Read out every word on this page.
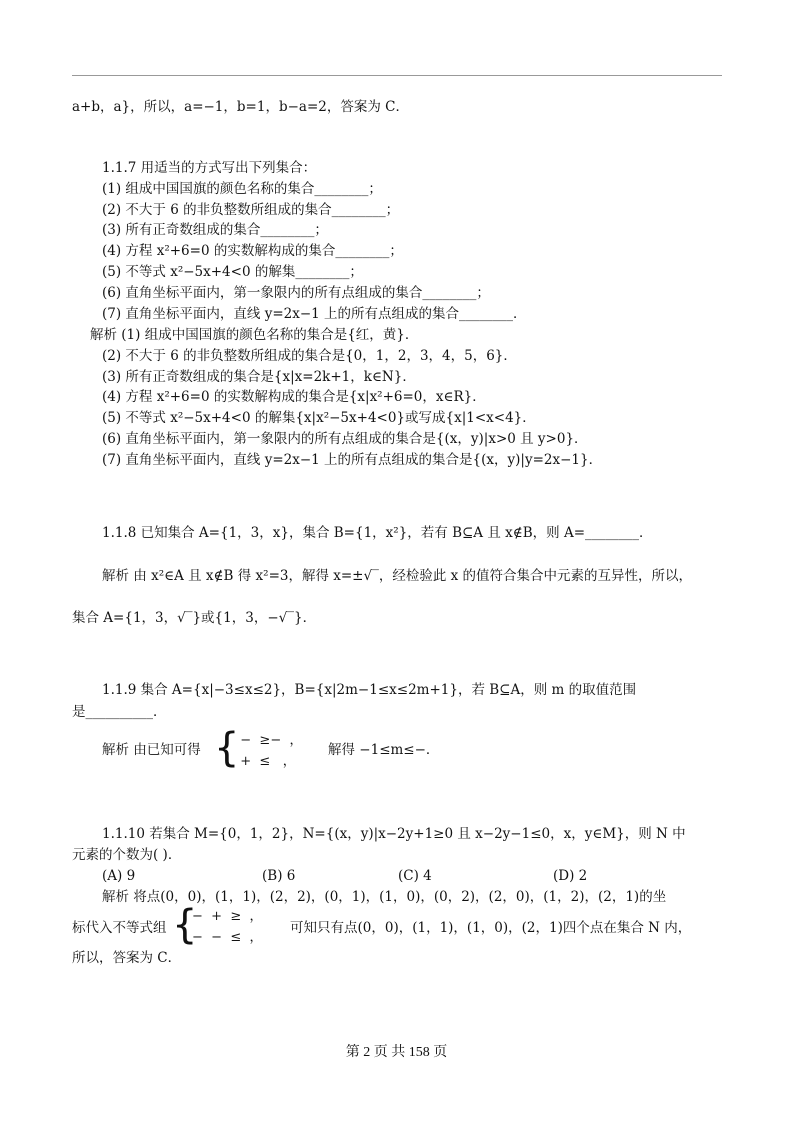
a+b，a}，所以，a=−1，b=1，b−a=2，答案为 C．
1.1.7 用适当的方式写出下列集合：
(1) 组成中国国旗的颜色名称的集合________；
(2) 不大于 6 的非负整数所组成的集合________；
(3) 所有正奇数组成的集合________；
(4) 方程 x²+6=0 的实数解构成的集合________；
(5) 不等式 x²−5x+4<0 的解集________；
(6) 直角坐标平面内，第一象限内的所有点组成的集合________；
(7) 直角坐标平面内，直线 y=2x−1 上的所有点组成的集合________．
解析 (1) 组成中国国旗的颜色名称的集合是{红，黄}．
(2) 不大于 6 的非负整数所组成的集合是{0，1，2，3，4，5，6}．
(3) 所有正奇数组成的集合是{x|x=2k+1，k∈N}．
(4) 方程 x²+6=0 的实数解构成的集合是{x|x²+6=0，x∈R}．
(5) 不等式 x²−5x+4<0 的解集{x|x²−5x+4<0}或写成{x|1<x<4}．
(6) 直角坐标平面内，第一象限内的所有点组成的集合是{(x，y)|x>0 且 y>0}．
(7) 直角坐标平面内，直线 y=2x−1 上的所有点组成的集合是{(x，y)|y=2x−1}．
1.1.8 已知集合 A={1，3，x}，集合 B={1，x²}，若有 B⊆A 且 x∉B，则 A=________．
解析 由 x²∈A 且 x∉B 得 x²=3，解得 x=±√‾，经检验此 x 的值符合集合中元素的互异性，所以，
集合 A={1，3，√‾}或{1，3，−√‾}．
1.1.9 集合 A={x|−3≤x≤2}，B={x|2m−1≤x≤2m+1}，若 B⊆A，则 m 的取值范围
是__________．
解析 由已知可得 {
−  ≥−  ，
+  ≤   ，
解得 −1≤m≤−．
1.1.10 若集合 M={0，1，2}，N={(x，y)|x−2y+1≥0 且 x−2y−1≤0，x，y∈M}，则 N 中
元素的个数为( )．
(A) 9	(B) 6	(C) 4	(D) 2
解析 将点(0，0)，(1，1)，(2，2)，(0，1)，(1，0)，(0，2)，(2，0)，(1，2)，(2，1)的坐
标代入不等式组 {
−  +  ≥  ，
−  −  ≤  ，
可知只有点(0，0)，(1，1)，(1，0)，(2，1)四个点在集合 N 内，
所以，答案为 C．
第 2 页 共 158 页
